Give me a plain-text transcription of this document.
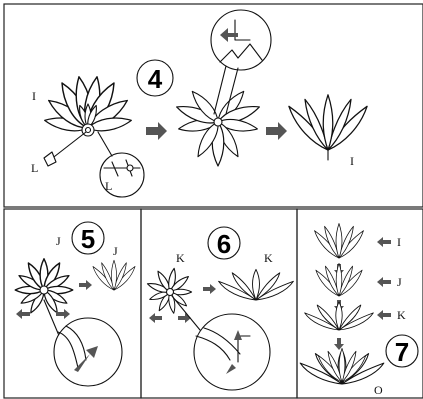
I
L
L
4
I
5
J
J	6
K	K
I
J
K
O
7
